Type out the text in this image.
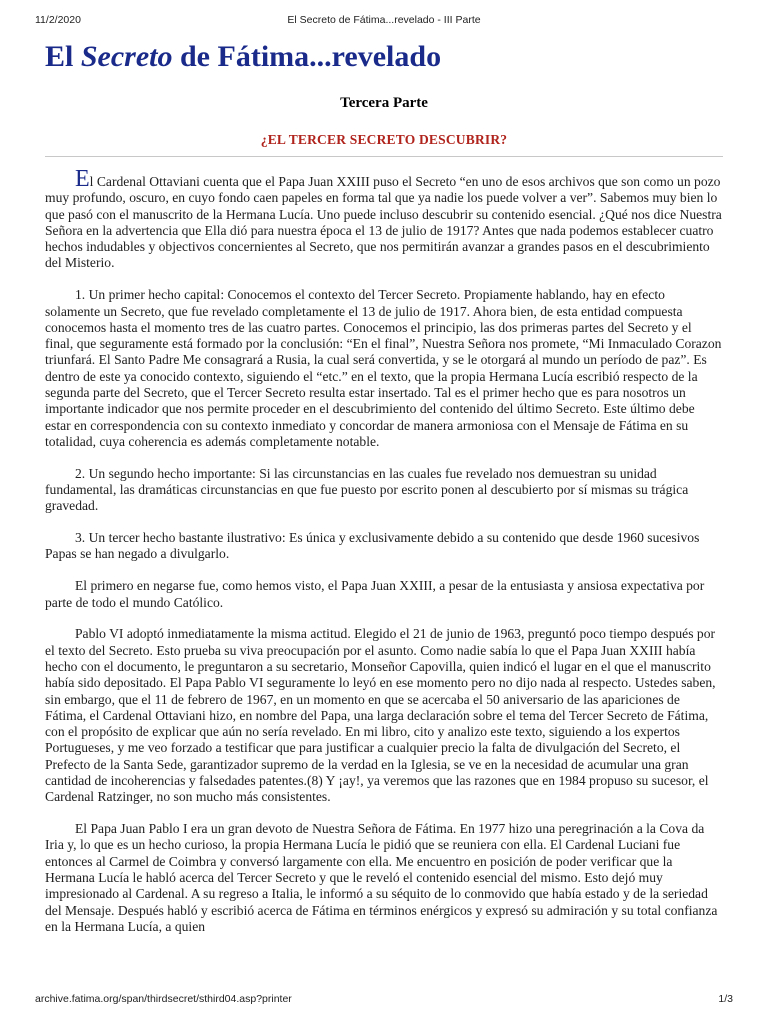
11/2/2020	El Secreto de Fátima...revelado - III Parte
El Secreto de Fátima...revelado
Tercera Parte
¿EL TERCER SECRETO DESCUBRIR?

El Cardenal Ottaviani cuenta que el Papa Juan XXIII puso el Secreto “en uno de esos archivos que son como un pozo muy profundo, oscuro, en cuyo fondo caen papeles en forma tal que ya nadie los puede volver a ver”. Sabemos muy bien lo que pasó con el manuscrito de la Hermana Lucía. Uno puede incluso descubrir su contenido esencial. ¿Qué nos dice Nuestra Señora en la advertencia que Ella dió para nuestra época el 13 de julio de 1917? Antes que nada podemos establecer cuatro hechos indudables y objectivos concernientes al Secreto, que nos permitirán avanzar a grandes pasos en el descubrimiento del Misterio.

1. Un primer hecho capital: Conocemos el contexto del Tercer Secreto. Propiamente hablando, hay en efecto solamente un Secreto, que fue revelado completamente el 13 de julio de 1917. Ahora bien, de esta entidad compuesta conocemos hasta el momento tres de las cuatro partes. Conocemos el principio, las dos primeras partes del Secreto y el final, que seguramente está formado por la conclusión: “En el final”, Nuestra Señora nos promete, “Mi Inmaculado Corazon triunfará. El Santo Padre Me consagrará a Rusia, la cual será convertida, y se le otorgará al mundo un período de paz”. Es dentro de este ya conocido contexto, siguiendo el “etc.” en el texto, que la propia Hermana Lucía escribió respecto de la segunda parte del Secreto, que el Tercer Secreto resulta estar insertado. Tal es el primer hecho que es para nosotros un importante indicador que nos permite proceder en el descubrimiento del contenido del último Secreto. Este último debe estar en correspondencia con su contexto inmediato y concordar de manera armoniosa con el Mensaje de Fátima en su totalidad, cuya coherencia es además completamente notable.

2. Un segundo hecho importante: Si las circunstancias en las cuales fue revelado nos demuestran su unidad fundamental, las dramáticas circunstancias en que fue puesto por escrito ponen al descubierto por sí mismas su trágica gravedad.

3. Un tercer hecho bastante ilustrativo: Es única y exclusivamente debido a su contenido que desde 1960 sucesivos Papas se han negado a divulgarlo.

El primero en negarse fue, como hemos visto, el Papa Juan XXIII, a pesar de la entusiasta y ansiosa expectativa por parte de todo el mundo Católico.

Pablo VI adoptó inmediatamente la misma actitud. Elegido el 21 de junio de 1963, preguntó poco tiempo después por el texto del Secreto. Esto prueba su viva preocupación por el asunto. Como nadie sabía lo que el Papa Juan XXIII había hecho con el documento, le preguntaron a su secretario, Monseñor Capovilla, quien indicó el lugar en el que el manuscrito había sido depositado. El Papa Pablo VI seguramente lo leyó en ese momento pero no dijo nada al respecto. Ustedes saben, sin embargo, que el 11 de febrero de 1967, en un momento en que se acercaba el 50 aniversario de las apariciones de Fátima, el Cardenal Ottaviani hizo, en nombre del Papa, una larga declaración sobre el tema del Tercer Secreto de Fátima, con el propósito de explicar que aún no sería revelado. En mi libro, cito y analizo este texto, siguiendo a los expertos Portugueses, y me veo forzado a testificar que para justificar a cualquier precio la falta de divulgación del Secreto, el Prefecto de la Santa Sede, garantizador supremo de la verdad en la Iglesia, se ve en la necesidad de acumular una gran cantidad de incoherencias y falsedades patentes.(8) Y ¡ay!, ya veremos que las razones que en 1984 propuso su sucesor, el Cardenal Ratzinger, no son mucho más consistentes.

El Papa Juan Pablo I era un gran devoto de Nuestra Señora de Fátima. En 1977 hizo una peregrinación a la Cova da Iria y, lo que es un hecho curioso, la propia Hermana Lucía le pidió que se reuniera con ella. El Cardenal Luciani fue entonces al Carmel de Coimbra y conversó largamente con ella. Me encuentro en posición de poder verificar que la Hermana Lucía le habló acerca del Tercer Secreto y que le reveló el contenido esencial del mismo. Esto dejó muy impresionado al Cardenal. A su regreso a Italia, le informó a su séquito de lo conmovido que había estado y de la seriedad del Mensaje. Después habló y escribió acerca de Fátima en términos enérgicos y expresó su admiración y su total confianza en la Hermana Lucía, a quien

archive.fatima.org/span/thirdsecret/sthird04.asp?printer	1/3
